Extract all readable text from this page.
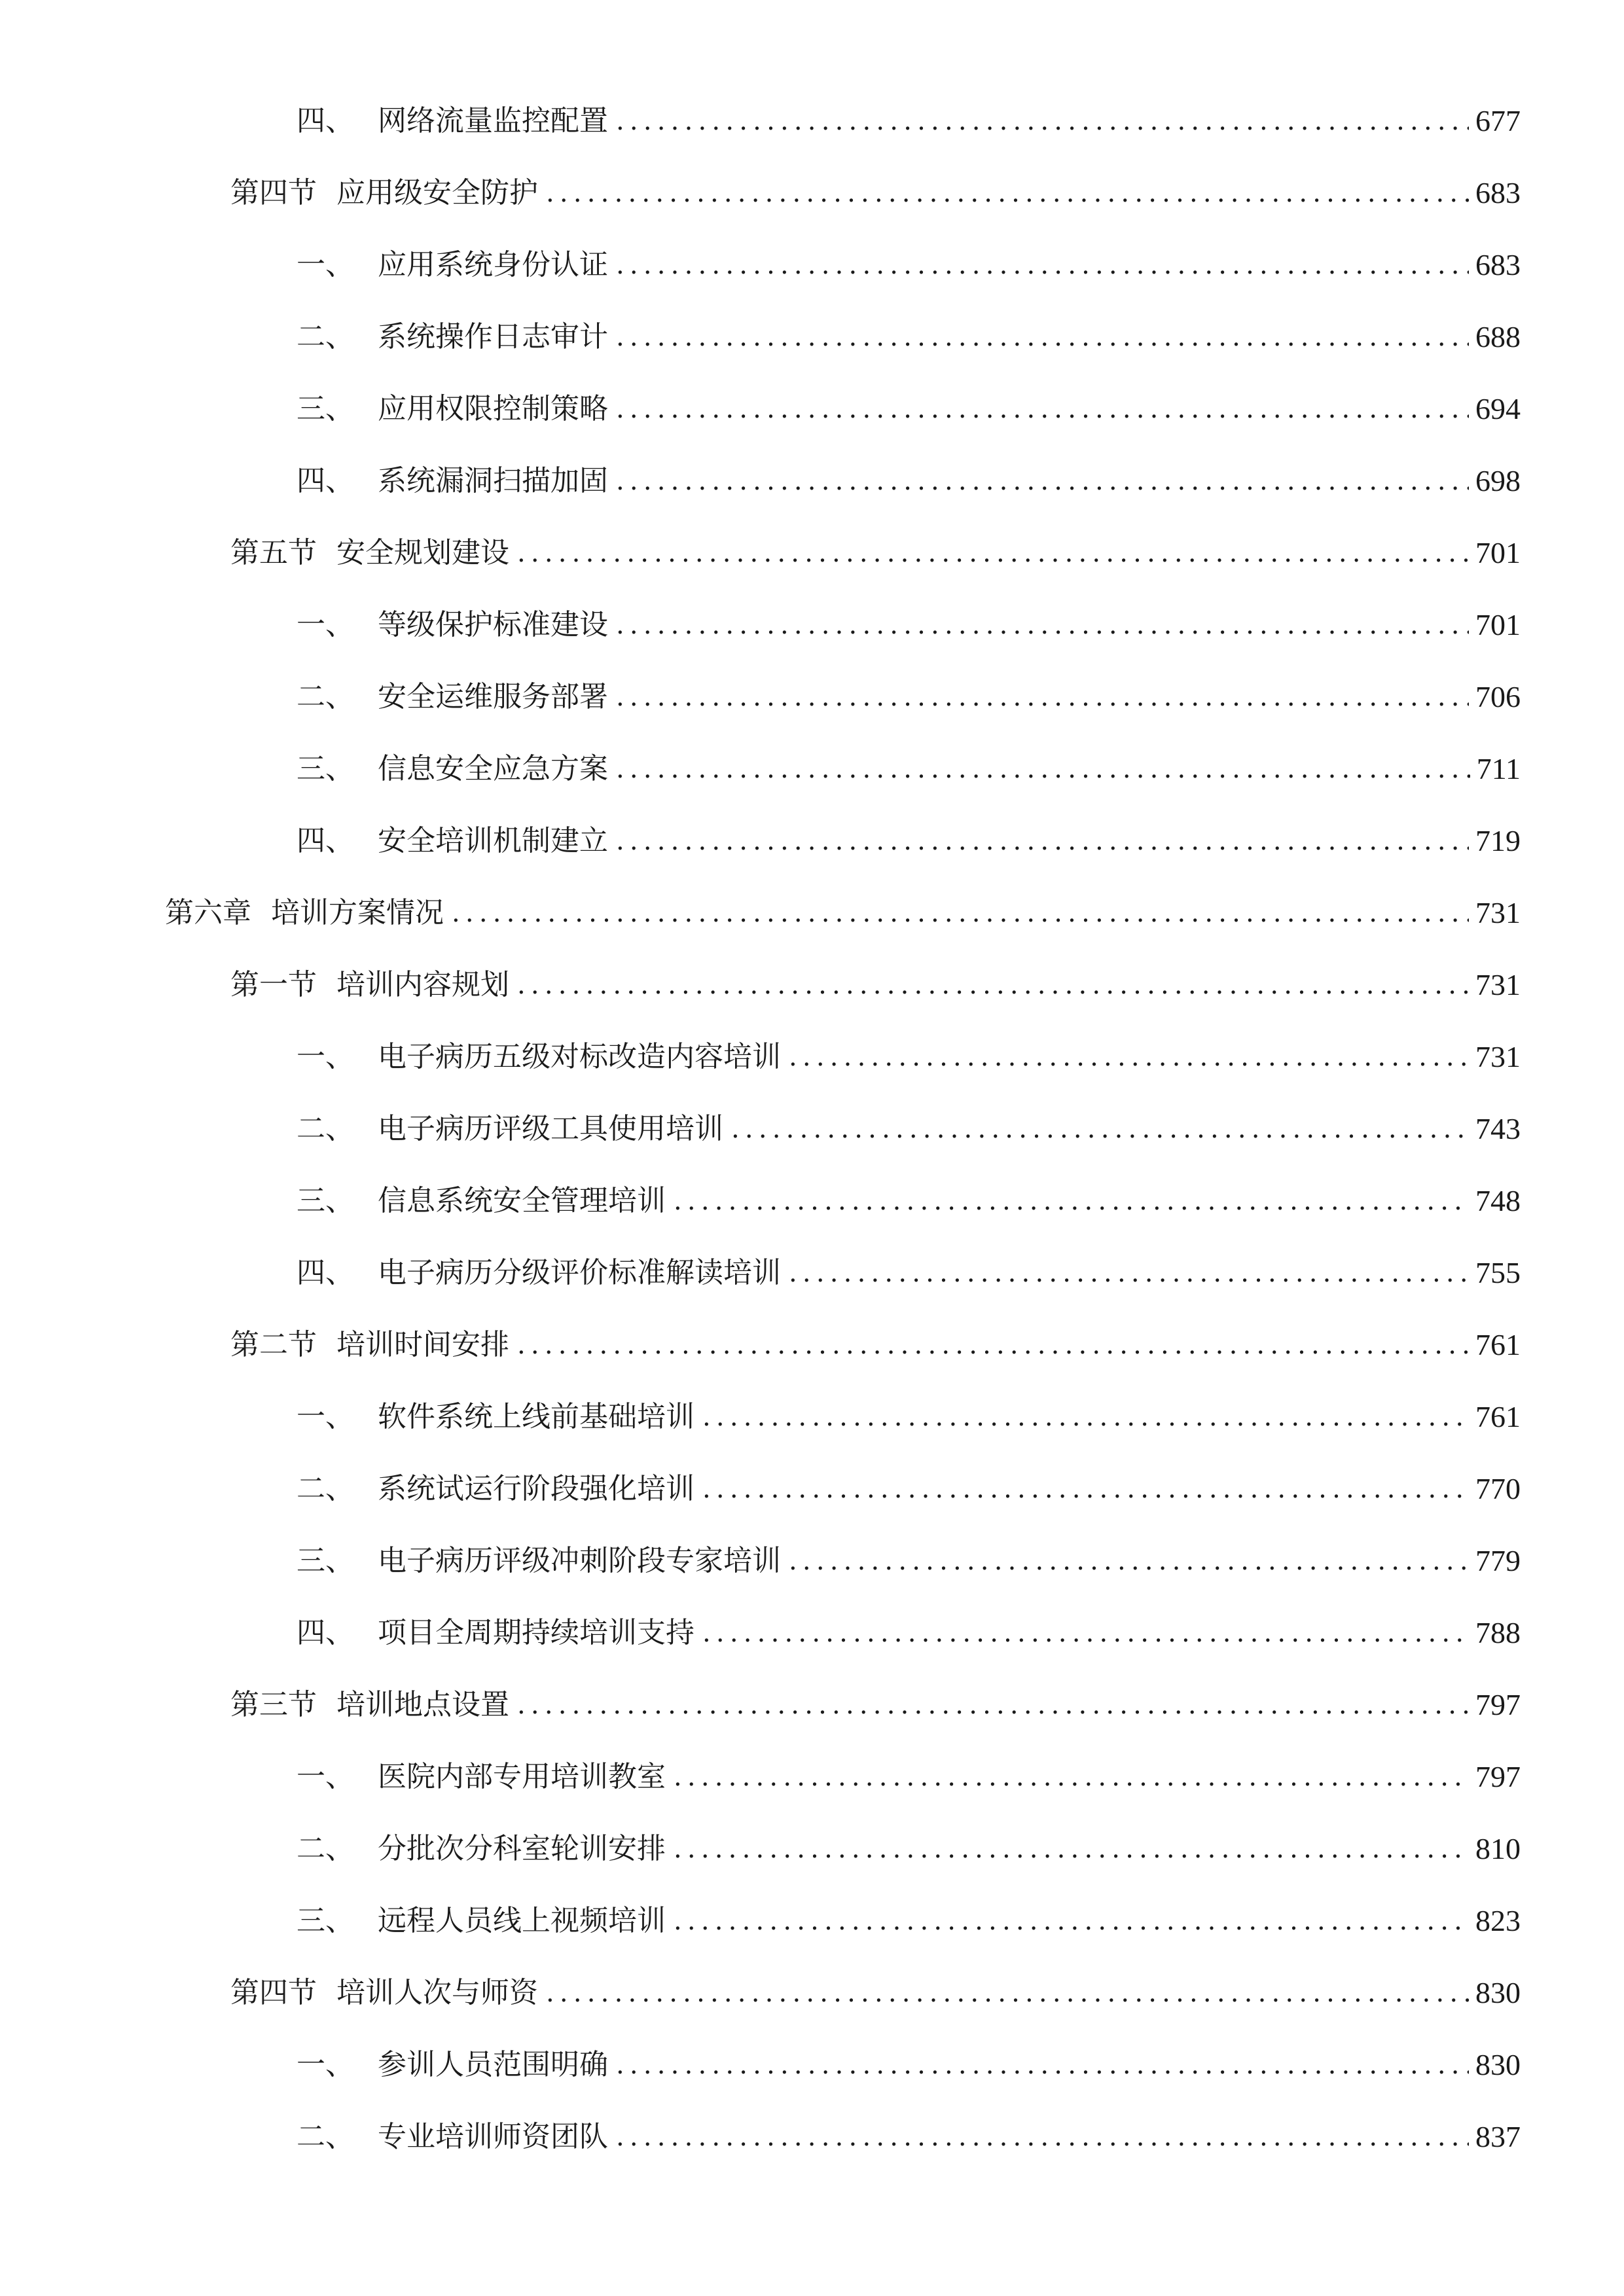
四、 网络流量监控配置 .....	677
第四节 应用级安全防护 .....	683
一、 应用系统身份认证 .....	683
二、 系统操作日志审计 .....	688
三、 应用权限控制策略 .....	694
四、 系统漏洞扫描加固 .....	698
第五节 安全规划建设 .....	701
一、 等级保护标准建设 .....	701
二、 安全运维服务部署 .....	706
三、 信息安全应急方案 .....	711
四、 安全培训机制建立 .....	719
第六章 培训方案情况 .....	731
第一节 培训内容规划 .....	731
一、 电子病历五级对标改造内容培训 .....	731
二、 电子病历评级工具使用培训 .....	743
三、 信息系统安全管理培训 .....	748
四、 电子病历分级评价标准解读培训 .....	755
第二节 培训时间安排 .....	761
一、 软件系统上线前基础培训 .....	761
二、 系统试运行阶段强化培训 .....	770
三、 电子病历评级冲刺阶段专家培训 .....	779
四、 项目全周期持续培训支持 .....	788
第三节 培训地点设置 .....	797
一、 医院内部专用培训教室 .....	797
二、 分批次分科室轮训安排 .....	810
三、 远程人员线上视频培训 .....	823
第四节 培训人次与师资 .....	830
一、 参训人员范围明确 .....	830
二、 专业培训师资团队 .....	837
